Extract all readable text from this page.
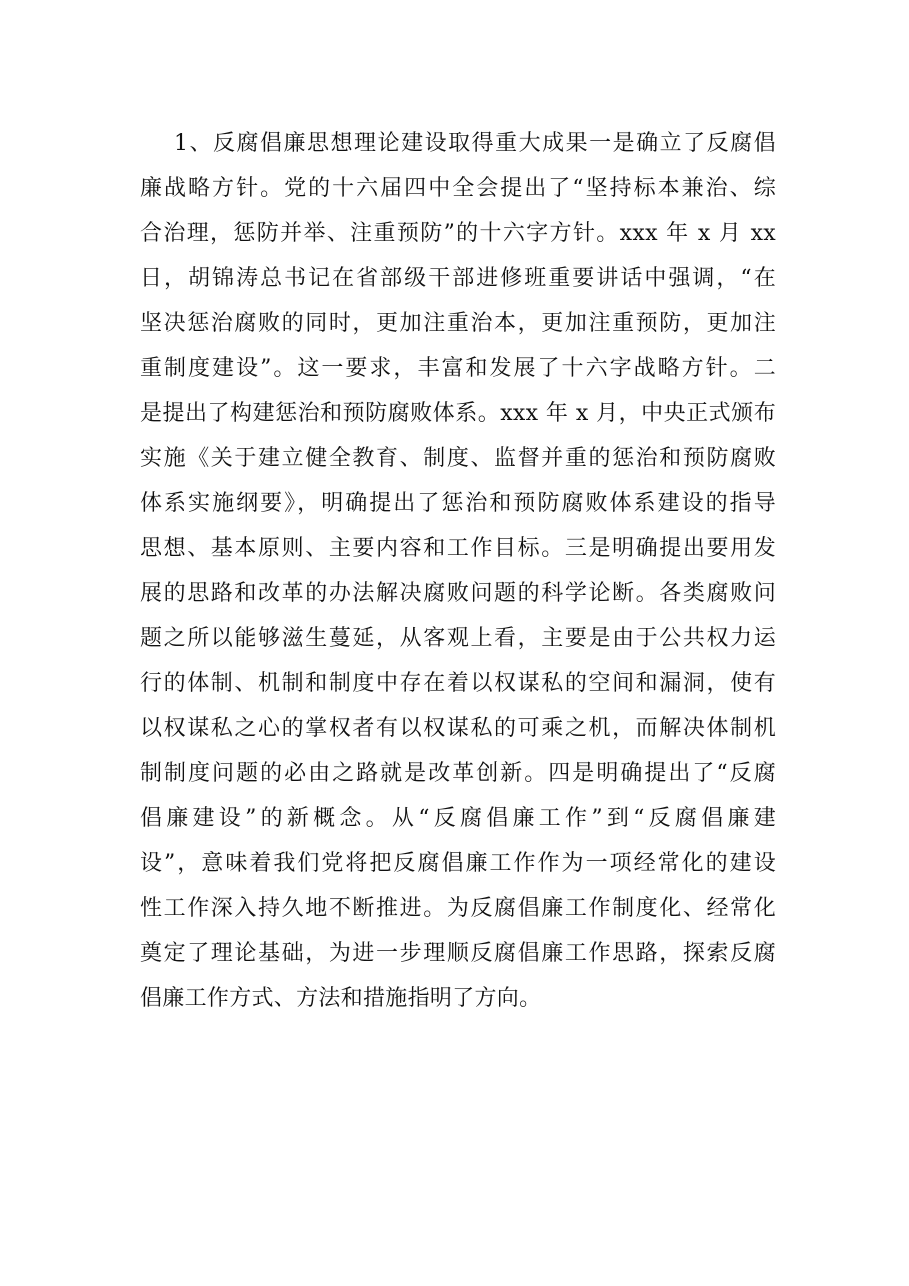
1、反腐倡廉思想理论建设取得重大成果一是确立了反腐倡
廉战略方针。党的十六届四中全会提出了“坚持标本兼治、综
合治理，惩防并举、注重预防”的十六字方针。xxx 年 x 月 xx
日，胡锦涛总书记在省部级干部进修班重要讲话中强调，“在
坚决惩治腐败的同时，更加注重治本，更加注重预防，更加注
重制度建设”。这一要求，丰富和发展了十六字战略方针。二
是提出了构建惩治和预防腐败体系。xxx 年 x 月，中央正式颁布
实施《关于建立健全教育、制度、监督并重的惩治和预防腐败
体系实施纲要》，明确提出了惩治和预防腐败体系建设的指导
思想、基本原则、主要内容和工作目标。三是明确提出要用发
展的思路和改革的办法解决腐败问题的科学论断。各类腐败问
题之所以能够滋生蔓延，从客观上看，主要是由于公共权力运
行的体制、机制和制度中存在着以权谋私的空间和漏洞，使有
以权谋私之心的掌权者有以权谋私的可乘之机，而解决体制机
制制度问题的必由之路就是改革创新。四是明确提出了“反腐
倡廉建设”的新概念。从“反腐倡廉工作”到“反腐倡廉建
设”，意味着我们党将把反腐倡廉工作作为一项经常化的建设
性工作深入持久地不断推进。为反腐倡廉工作制度化、经常化
奠定了理论基础，为进一步理顺反腐倡廉工作思路，探索反腐
倡廉工作方式、方法和措施指明了方向。
